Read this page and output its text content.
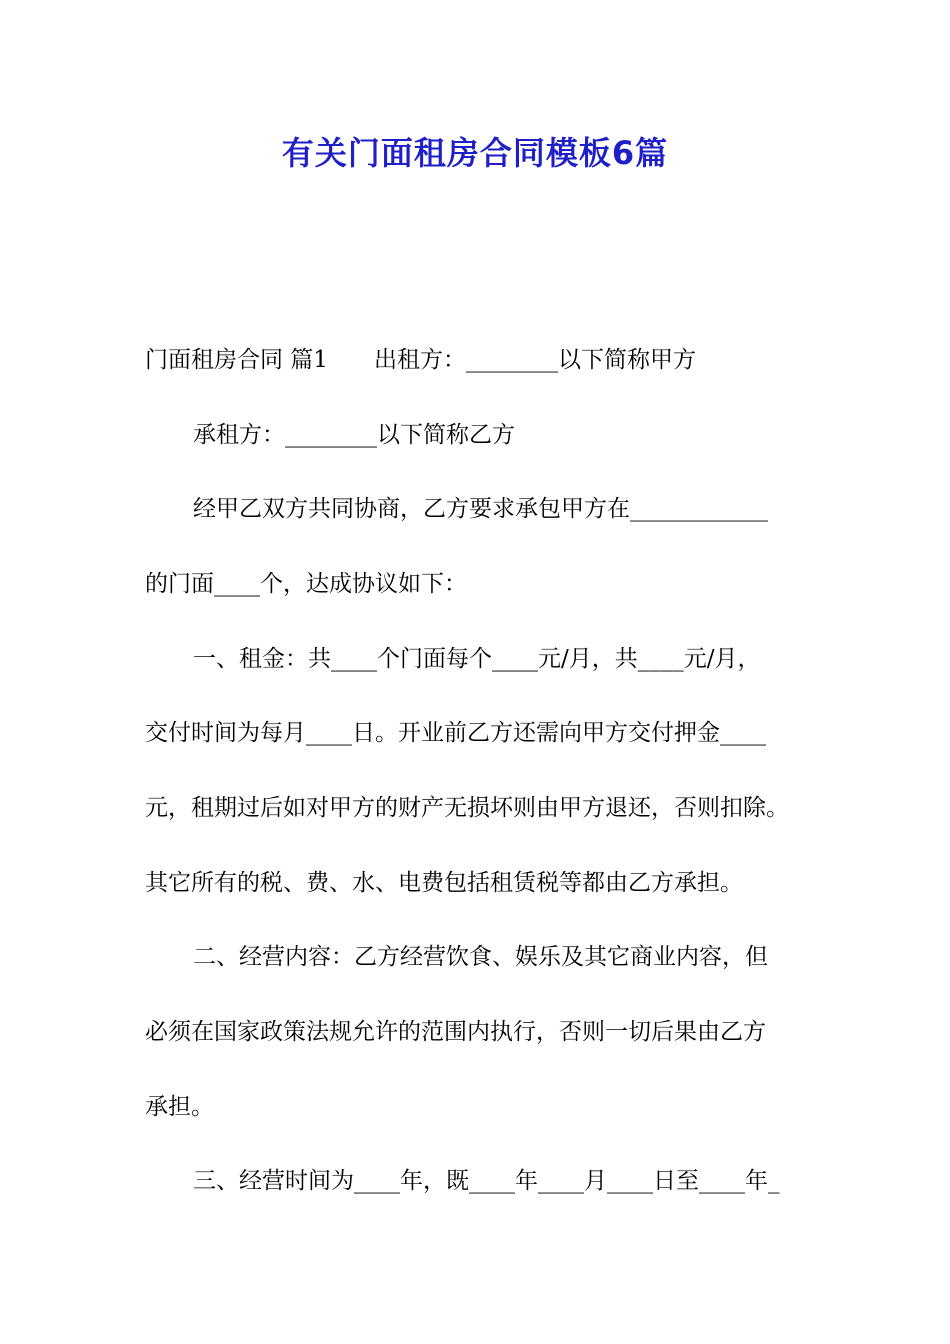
有关门面租房合同模板6篇
门面租房合同 篇1 出租方：________以下简称甲方
承租方：________以下简称乙方
经甲乙双方共同协商，乙方要求承包甲方在____________
的门面____个，达成协议如下：
一、租金：共____个门面每个____元/月，共____元/月，
交付时间为每月____日。开业前乙方还需向甲方交付押金____
元，租期过后如对甲方的财产无损坏则由甲方退还，否则扣除。
其它所有的税、费、水、电费包括租赁税等都由乙方承担。
二、经营内容：乙方经营饮食、娱乐及其它商业内容，但
必须在国家政策法规允许的范围内执行，否则一切后果由乙方
承担。
三、经营时间为____年，既____年____月____日至____年_
